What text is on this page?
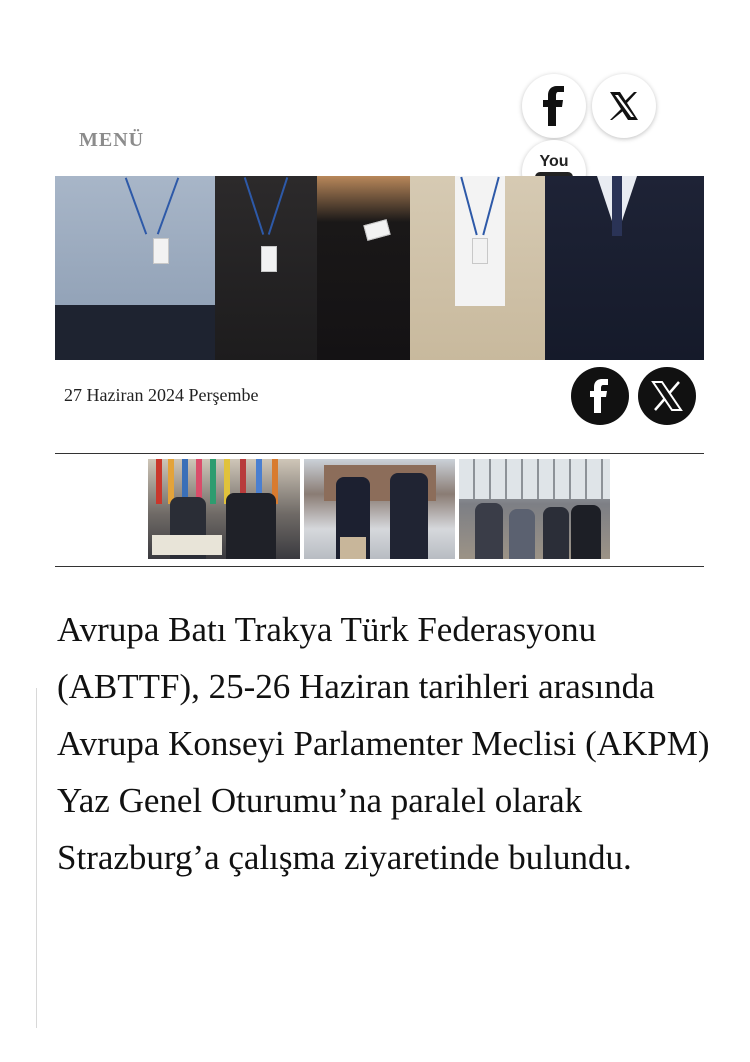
MENÜ
You
27 Haziran 2024 Perşembe

Avrupa Batı Trakya Türk Federasyonu (ABTTF), 25-26 Haziran tarihleri arasında Avrupa Konseyi Parlamenter Meclisi (AKPM) Yaz Genel Oturumu’na paralel olarak Strazburg’a çalışma ziyaretinde bulundu.
